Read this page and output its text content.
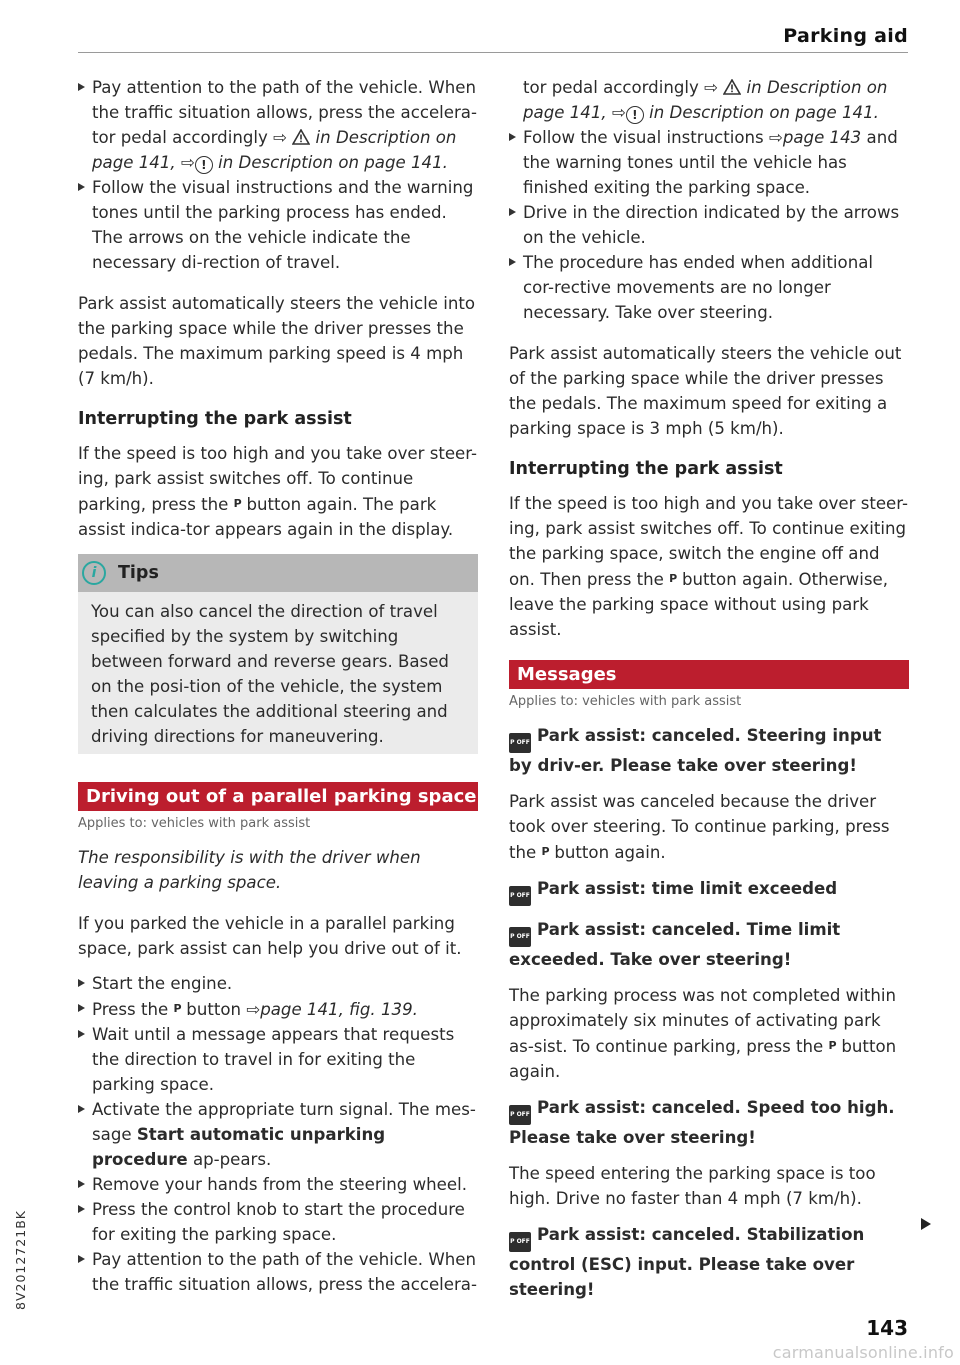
Parking aid
8V2012721BK

Pay attention to the path of the vehicle. When the traffic situation allows, press the accelera-tor pedal accordingly ⇨  in Description on page 141, ⇨ ! in Description on page 141.

Follow the visual instructions and the warning tones until the parking process has ended. The arrows on the vehicle indicate the necessary di-rection of travel.

Park assist automatically steers the vehicle into the parking space while the driver presses the pedals. The maximum parking speed is 4 mph (7 km/h).

Interrupting the park assist

If the speed is too high and you take over steer-ing, park assist switches off. To continue parking, press the P button again. The park assist indica-tor appears again in the display.

i	Tips

You can also cancel the direction of travel specified by the system by switching between forward and reverse gears. Based on the posi-tion of the vehicle, the system then calculates the additional steering and driving directions for maneuvering.

Driving out of a parallel parking space

Applies to: vehicles with park assist

The responsibility is with the driver when leaving a parking space.

If you parked the vehicle in a parallel parking space, park assist can help you drive out of it.

Start the engine.

Press the P button ⇨page 141, fig. 139.

Wait until a message appears that requests the direction to travel in for exiting the parking space.

Activate the appropriate turn signal. The mes-sage Start automatic unparking procedure ap-pears.

Remove your hands from the steering wheel.

Press the control knob to start the procedure for exiting the parking space.

Pay attention to the path of the vehicle. When the traffic situation allows, press the accelera-

tor pedal accordingly ⇨  in Description on page 141, ⇨ ! in Description on page 141.

Follow the visual instructions ⇨page 143 and the warning tones until the vehicle has finished exiting the parking space.

Drive in the direction indicated by the arrows on the vehicle.

The procedure has ended when additional cor-rective movements are no longer necessary. Take over steering.

Park assist automatically steers the vehicle out of the parking space while the driver presses the pedals. The maximum speed for exiting a parking space is 3 mph (5 km/h).

Interrupting the park assist

If the speed is too high and you take over steer-ing, park assist switches off. To continue exiting the parking space, switch the engine off and on. Then press the P button again. Otherwise, leave the parking space without using park assist.

Messages

Applies to: vehicles with park assist

P OFF Park assist: canceled. Steering input by driv-er. Please take over steering!

Park assist was canceled because the driver took over steering. To continue parking, press the P button again.

P OFF Park assist: time limit exceeded

P OFF Park assist: canceled. Time limit exceeded. Take over steering!

The parking process was not completed within approximately six minutes of activating park as-sist. To continue parking, press the P button again.

P OFF Park assist: canceled. Speed too high. Please take over steering!

The speed entering the parking space is too high. Drive no faster than 4 mph (7 km/h).

P OFF Park assist: canceled. Stabilization control (ESC) input. Please take over steering!

143
carmanualsonline.info
